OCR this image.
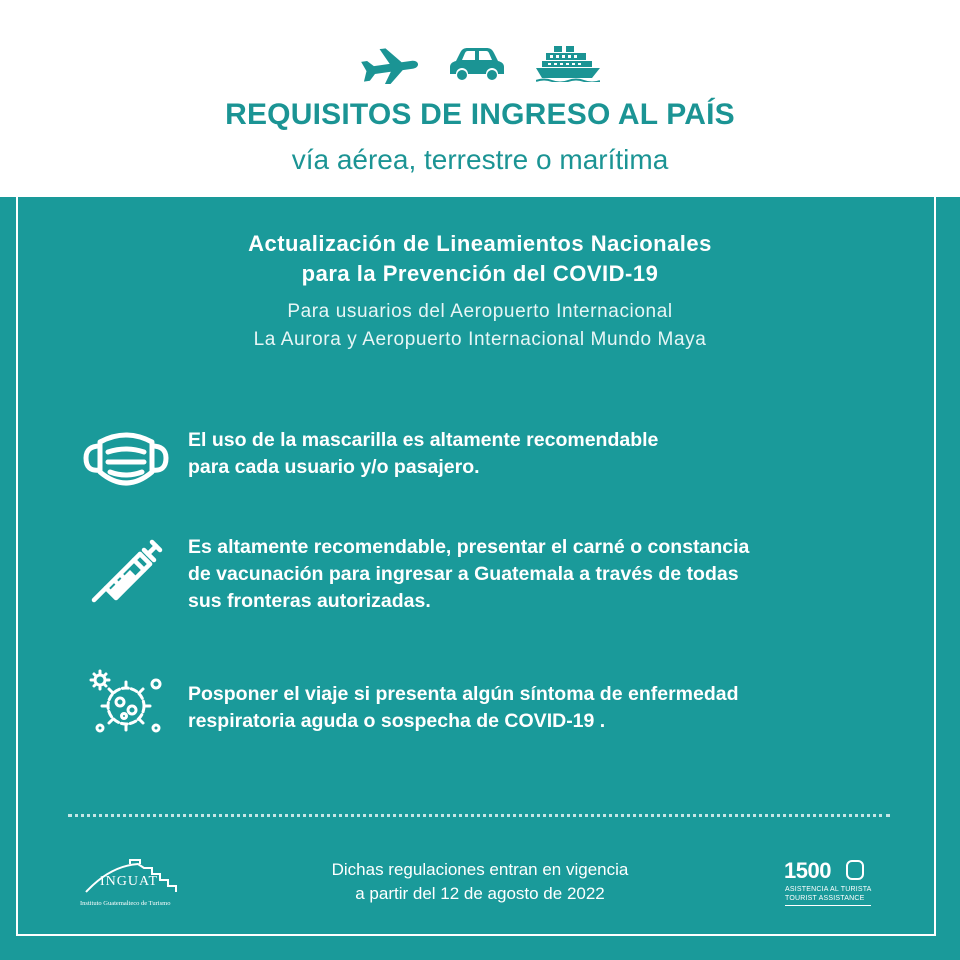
REQUISITOS DE INGRESO AL PAÍS
vía aérea, terrestre o marítima
Actualización de Lineamientos Nacionales
para la Prevención del COVID-19
Para usuarios del Aeropuerto Internacional
La Aurora y Aeropuerto Internacional Mundo Maya
El uso de la mascarilla es altamente recomendable
para cada usuario y/o pasajero.
Es altamente recomendable, presentar el carné o constancia
de vacunación para ingresar a Guatemala a través de todas
sus fronteras autorizadas.
Posponer el viaje si presenta algún síntoma de enfermedad
respiratoria aguda o sospecha de COVID-19 .
INGUAT
Instituto Guatemalteco de Turismo
Dichas regulaciones entran en vigencia
a partir del 12 de agosto de 2022
1500
ASISTENCIA AL TURISTA
TOURIST ASSISTANCE
